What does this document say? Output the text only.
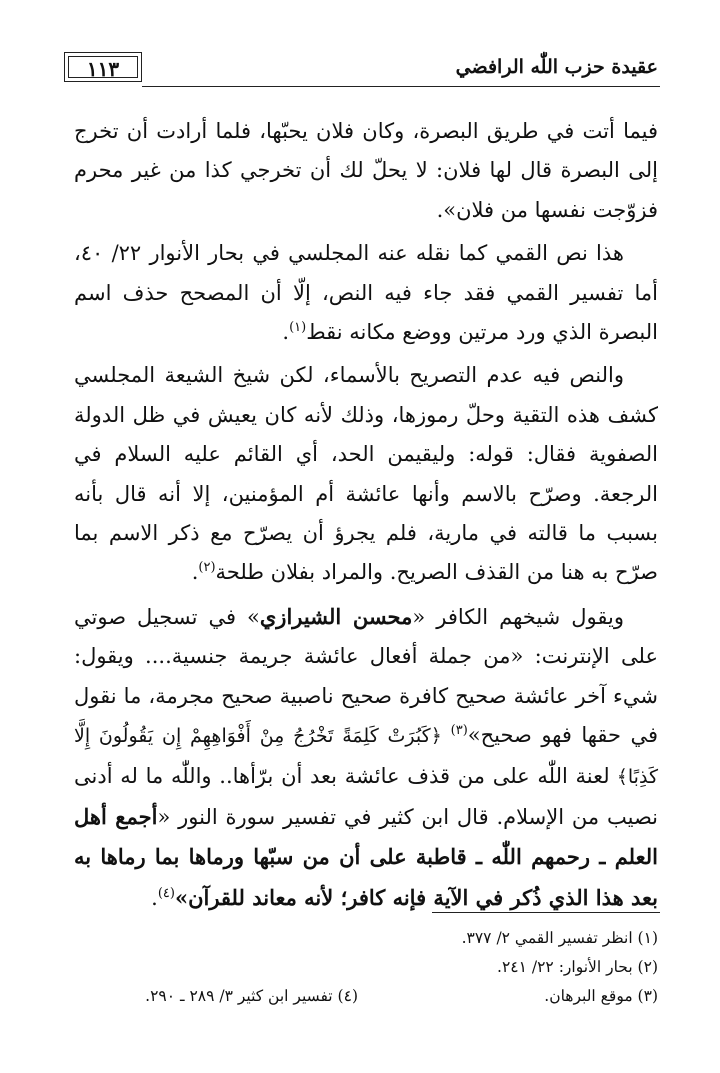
١١٣	عقيدة حزب اللّٰه الرافضي

فيما أتت في طريق البصرة، وكان فلان يحبّها، فلما أرادت أن تخرج إلى البصرة قال لها فلان: لا يحلّ لك أن تخرجي كذا من غير محرم فزوّجت نفسها من فلان».

هذا نص القمي كما نقله عنه المجلسي في بحار الأنوار ٢٢/ ٤٠، أما تفسير القمي فقد جاء فيه النص، إلّا أن المصحح حذف اسم البصرة الذي ورد مرتين ووضع مكانه نقط$^{(١)}$.

والنص فيه عدم التصريح بالأسماء، لكن شيخ الشيعة المجلسي كشف هذه التقية وحلّ رموزها، وذلك لأنه كان يعيش في ظل الدولة الصفوية فقال: قوله: وليقيمن الحد، أي القائم عليه السلام في الرجعة. وصرّح بالاسم وأنها عائشة أم المؤمنين، إلا أنه قال بأنه بسبب ما قالته في مارية، فلم يجرؤ أن يصرّح مع ذكر الاسم بما صرّح به هنا من القذف الصريح. والمراد بفلان طلحة$^{(٢)}$.

ويقول شيخهم الكافر «محسن الشيرازي» في تسجيل صوتي على الإنترنت: «من جملة أفعال عائشة جريمة جنسية.... ويقول: شيء آخر عائشة صحيح كافرة صحيح ناصبية صحيح مجرمة، ما نقول في حقها فهو صحيح»$^{(٣)}$ ﴿كَبُرَتْ كَلِمَةً تَخْرُجُ مِنْ أَفْوَاهِهِمْ إِن يَقُولُونَ إِلَّا كَذِبًا﴾ لعنة اللّٰه على من قذف عائشة بعد أن برّأها.. واللّٰه ما له أدنى نصيب من الإسلام. قال ابن كثير في تفسير سورة النور «أجمع أهل العلم ـ رحمهم اللّٰه ـ قاطبة على أن من سبّها ورماها بما رماها به بعد هذا الذي ذُكر في الآية فإنه كافر؛ لأنه معاند للقرآن»$^{(٤)}$.

(١) انظر تفسير القمي ٢/ ٣٧٧.
(٢) بحار الأنوار: ٢٢/ ٢٤١.
(٣) موقع البرهان.
(٤) تفسير ابن كثير ٣/ ٢٨٩ ـ ٢٩٠.
